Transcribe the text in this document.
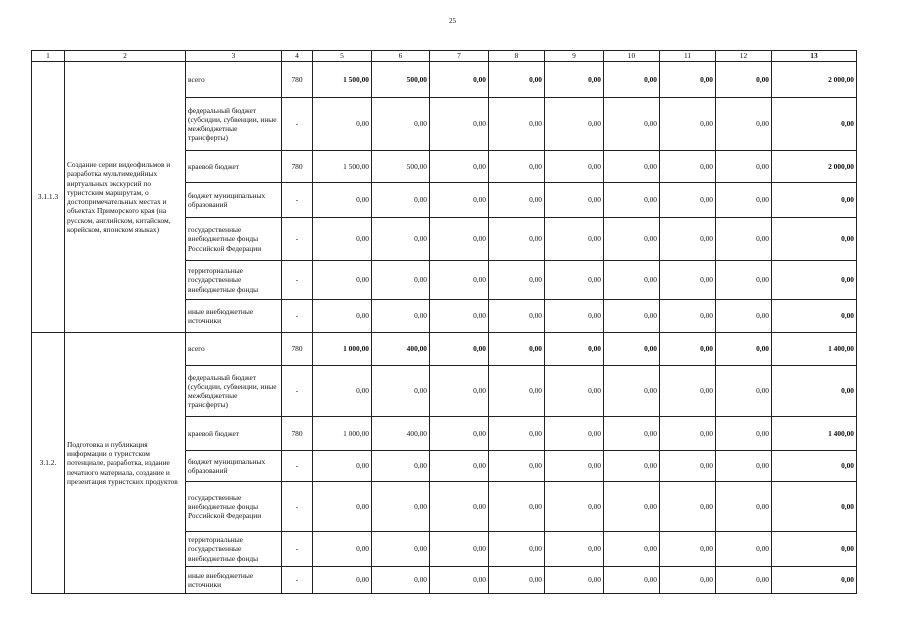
25
1	2	3	4	5	6	7	8	9	10	11	12	13
3.1.1.3	Создание серии видеофильмов и разработка мультимедийных виртуальных экскурсий по туристским маршрутам, о достопримечательных местах и объектах Приморского края (на русском, английском, китайском, корейском, японском языках)	всего	780	1 500,00	500,00	0,00	0,00	0,00	0,00	0,00	0,00	2 000,00
		федеральный бюджет (субсидии, субвенции, иные межбюджетные трансферты)	-	0,00	0,00	0,00	0,00	0,00	0,00	0,00	0,00	0,00
		краевой бюджет	780	1 500,00	500,00	0,00	0,00	0,00	0,00	0,00	0,00	2 000,00
		бюджет муниципальных образований	-	0,00	0,00	0,00	0,00	0,00	0,00	0,00	0,00	0,00
		государственные внебюджетные фонды Российской Федерации	-	0,00	0,00	0,00	0,00	0,00	0,00	0,00	0,00	0,00
		территориальные государственные внебюджетные фонды	-	0,00	0,00	0,00	0,00	0,00	0,00	0,00	0,00	0,00
		иные внебюджетные источники	-	0,00	0,00	0,00	0,00	0,00	0,00	0,00	0,00	0,00
3.1.2.	Подготовка и публикация информации о туристском потенциале, разработка, издание печатного материала, создание и презентация туристских продуктов	всего	780	1 000,00	400,00	0,00	0,00	0,00	0,00	0,00	0,00	1 400,00
		федеральный бюджет (субсидии, субвенции, иные межбюджетные трансферты)	-	0,00	0,00	0,00	0,00	0,00	0,00	0,00	0,00	0,00
		краевой бюджет	780	1 000,00	400,00	0,00	0,00	0,00	0,00	0,00	0,00	1 400,00
		бюджет муниципальных образований	-	0,00	0,00	0,00	0,00	0,00	0,00	0,00	0,00	0,00
		государственные внебюджетные фонды Российской Федерации	-	0,00	0,00	0,00	0,00	0,00	0,00	0,00	0,00	0,00
		территориальные государственные внебюджетные фонды	-	0,00	0,00	0,00	0,00	0,00	0,00	0,00	0,00	0,00
		иные внебюджетные источники	-	0,00	0,00	0,00	0,00	0,00	0,00	0,00	0,00	0,00
